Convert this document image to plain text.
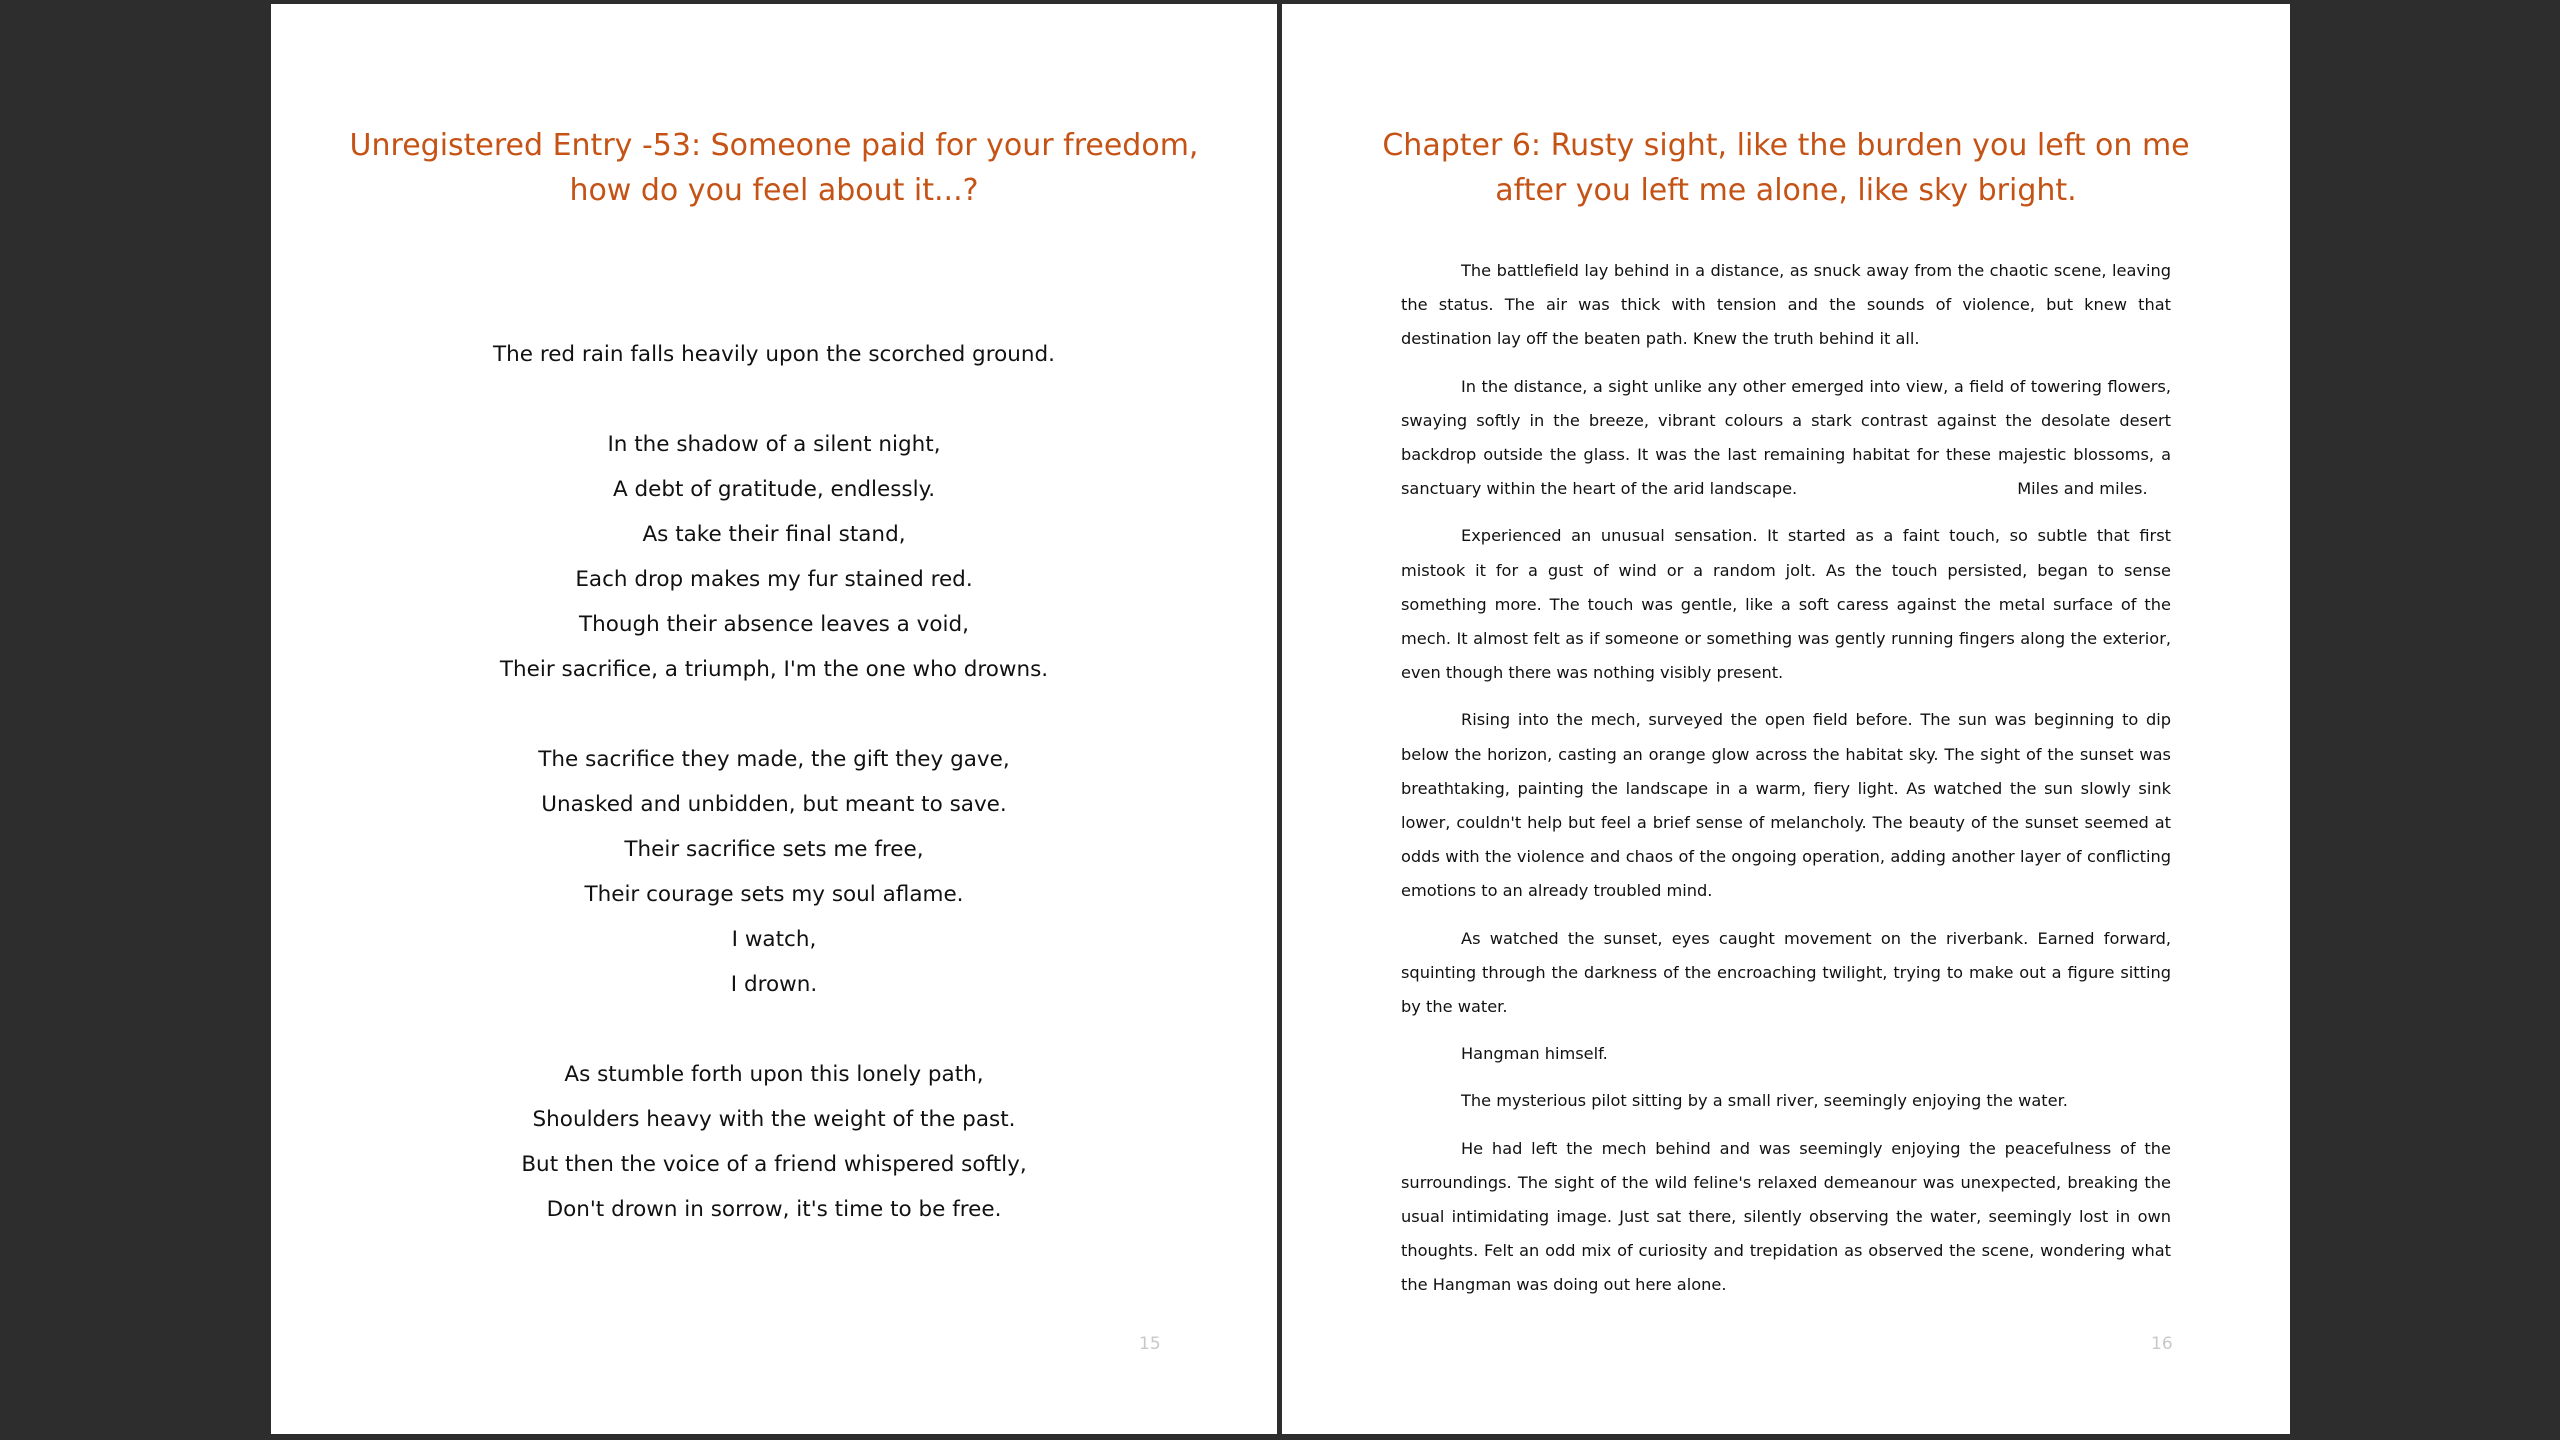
Unregistered Entry -53: Someone paid for your freedom,
how do you feel about it...?
The red rain falls heavily upon the scorched ground.
In the shadow of a silent night,
A debt of gratitude, endlessly.
As take their final stand,
Each drop makes my fur stained red.
Though their absence leaves a void,
Their sacrifice, a triumph, I'm the one who drowns.
The sacrifice they made, the gift they gave,
Unasked and unbidden, but meant to save.
Their sacrifice sets me free,
Their courage sets my soul aflame.
I watch,
I drown.
As stumble forth upon this lonely path,
Shoulders heavy with the weight of the past.
But then the voice of a friend whispered softly,
Don't drown in sorrow, it's time to be free.
15
Chapter 6: Rusty sight, like the burden you left on me
after you left me alone, like sky bright.

The battlefield lay behind in a distance, as snuck away from the chaotic scene, leaving the status. The air was thick with tension and the sounds of violence, but knew that destination lay off the beaten path. Knew the truth behind it all.

In the distance, a sight unlike any other emerged into view, a field of towering flowers, swaying softly in the breeze, vibrant colours a stark contrast against the desolate desert backdrop outside the glass. It was the last remaining habitat for these majestic blossoms, a sanctuary within the heart of the arid landscape.	Miles and miles.

Experienced an unusual sensation. It started as a faint touch, so subtle that first mistook it for a gust of wind or a random jolt. As the touch persisted, began to sense something more. The touch was gentle, like a soft caress against the metal surface of the mech. It almost felt as if someone or something was gently running fingers along the exterior, even though there was nothing visibly present.

Rising into the mech, surveyed the open field before. The sun was beginning to dip below the horizon, casting an orange glow across the habitat sky. The sight of the sunset was breathtaking, painting the landscape in a warm, fiery light. As watched the sun slowly sink lower, couldn't help but feel a brief sense of melancholy. The beauty of the sunset seemed at odds with the violence and chaos of the ongoing operation, adding another layer of conflicting emotions to an already troubled mind.

As watched the sunset, eyes caught movement on the riverbank. Earned forward, squinting through the darkness of the encroaching twilight, trying to make out a figure sitting by the water.

Hangman himself.

The mysterious pilot sitting by a small river, seemingly enjoying the water.

He had left the mech behind and was seemingly enjoying the peacefulness of the surroundings. The sight of the wild feline's relaxed demeanour was unexpected, breaking the usual intimidating image. Just sat there, silently observing the water, seemingly lost in own thoughts. Felt an odd mix of curiosity and trepidation as observed the scene, wondering what the Hangman was doing out here alone.

16
